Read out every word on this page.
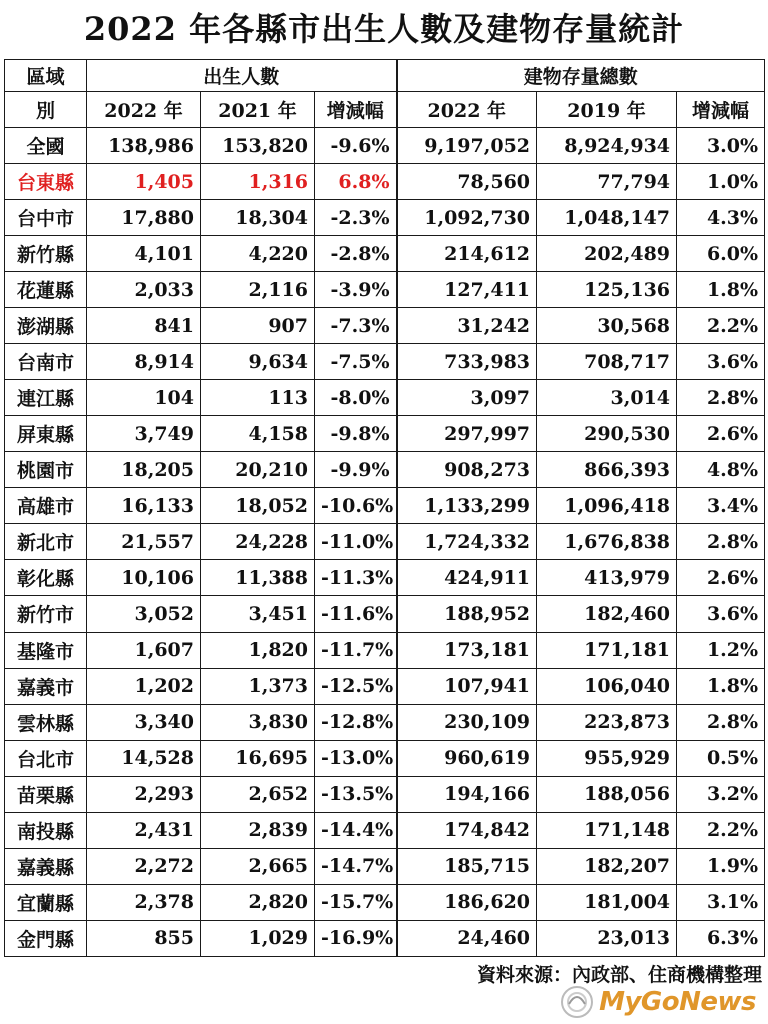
2022 年各縣市出生人數及建物存量統計
區域	出生人數			建物存量總數		
別	2022 年	2021 年	增減幅	2022 年	2019 年	增減幅
全國	138,986	153,820	-9.6%	9,197,052	8,924,934	3.0%
台東縣	1,405	1,316	6.8%	78,560	77,794	1.0%
台中市	17,880	18,304	-2.3%	1,092,730	1,048,147	4.3%
新竹縣	4,101	4,220	-2.8%	214,612	202,489	6.0%
花蓮縣	2,033	2,116	-3.9%	127,411	125,136	1.8%
澎湖縣	841	907	-7.3%	31,242	30,568	2.2%
台南市	8,914	9,634	-7.5%	733,983	708,717	3.6%
連江縣	104	113	-8.0%	3,097	3,014	2.8%
屏東縣	3,749	4,158	-9.8%	297,997	290,530	2.6%
桃園市	18,205	20,210	-9.9%	908,273	866,393	4.8%
高雄市	16,133	18,052	-10.6%	1,133,299	1,096,418	3.4%
新北市	21,557	24,228	-11.0%	1,724,332	1,676,838	2.8%
彰化縣	10,106	11,388	-11.3%	424,911	413,979	2.6%
新竹市	3,052	3,451	-11.6%	188,952	182,460	3.6%
基隆市	1,607	1,820	-11.7%	173,181	171,181	1.2%
嘉義市	1,202	1,373	-12.5%	107,941	106,040	1.8%
雲林縣	3,340	3,830	-12.8%	230,109	223,873	2.8%
台北市	14,528	16,695	-13.0%	960,619	955,929	0.5%
苗栗縣	2,293	2,652	-13.5%	194,166	188,056	3.2%
南投縣	2,431	2,839	-14.4%	174,842	171,148	2.2%
嘉義縣	2,272	2,665	-14.7%	185,715	182,207	1.9%
宜蘭縣	2,378	2,820	-15.7%	186,620	181,004	3.1%
金門縣	855	1,029	-16.9%	24,460	23,013	6.3%
資料來源：內政部、住商機構整理
MyGoNews
